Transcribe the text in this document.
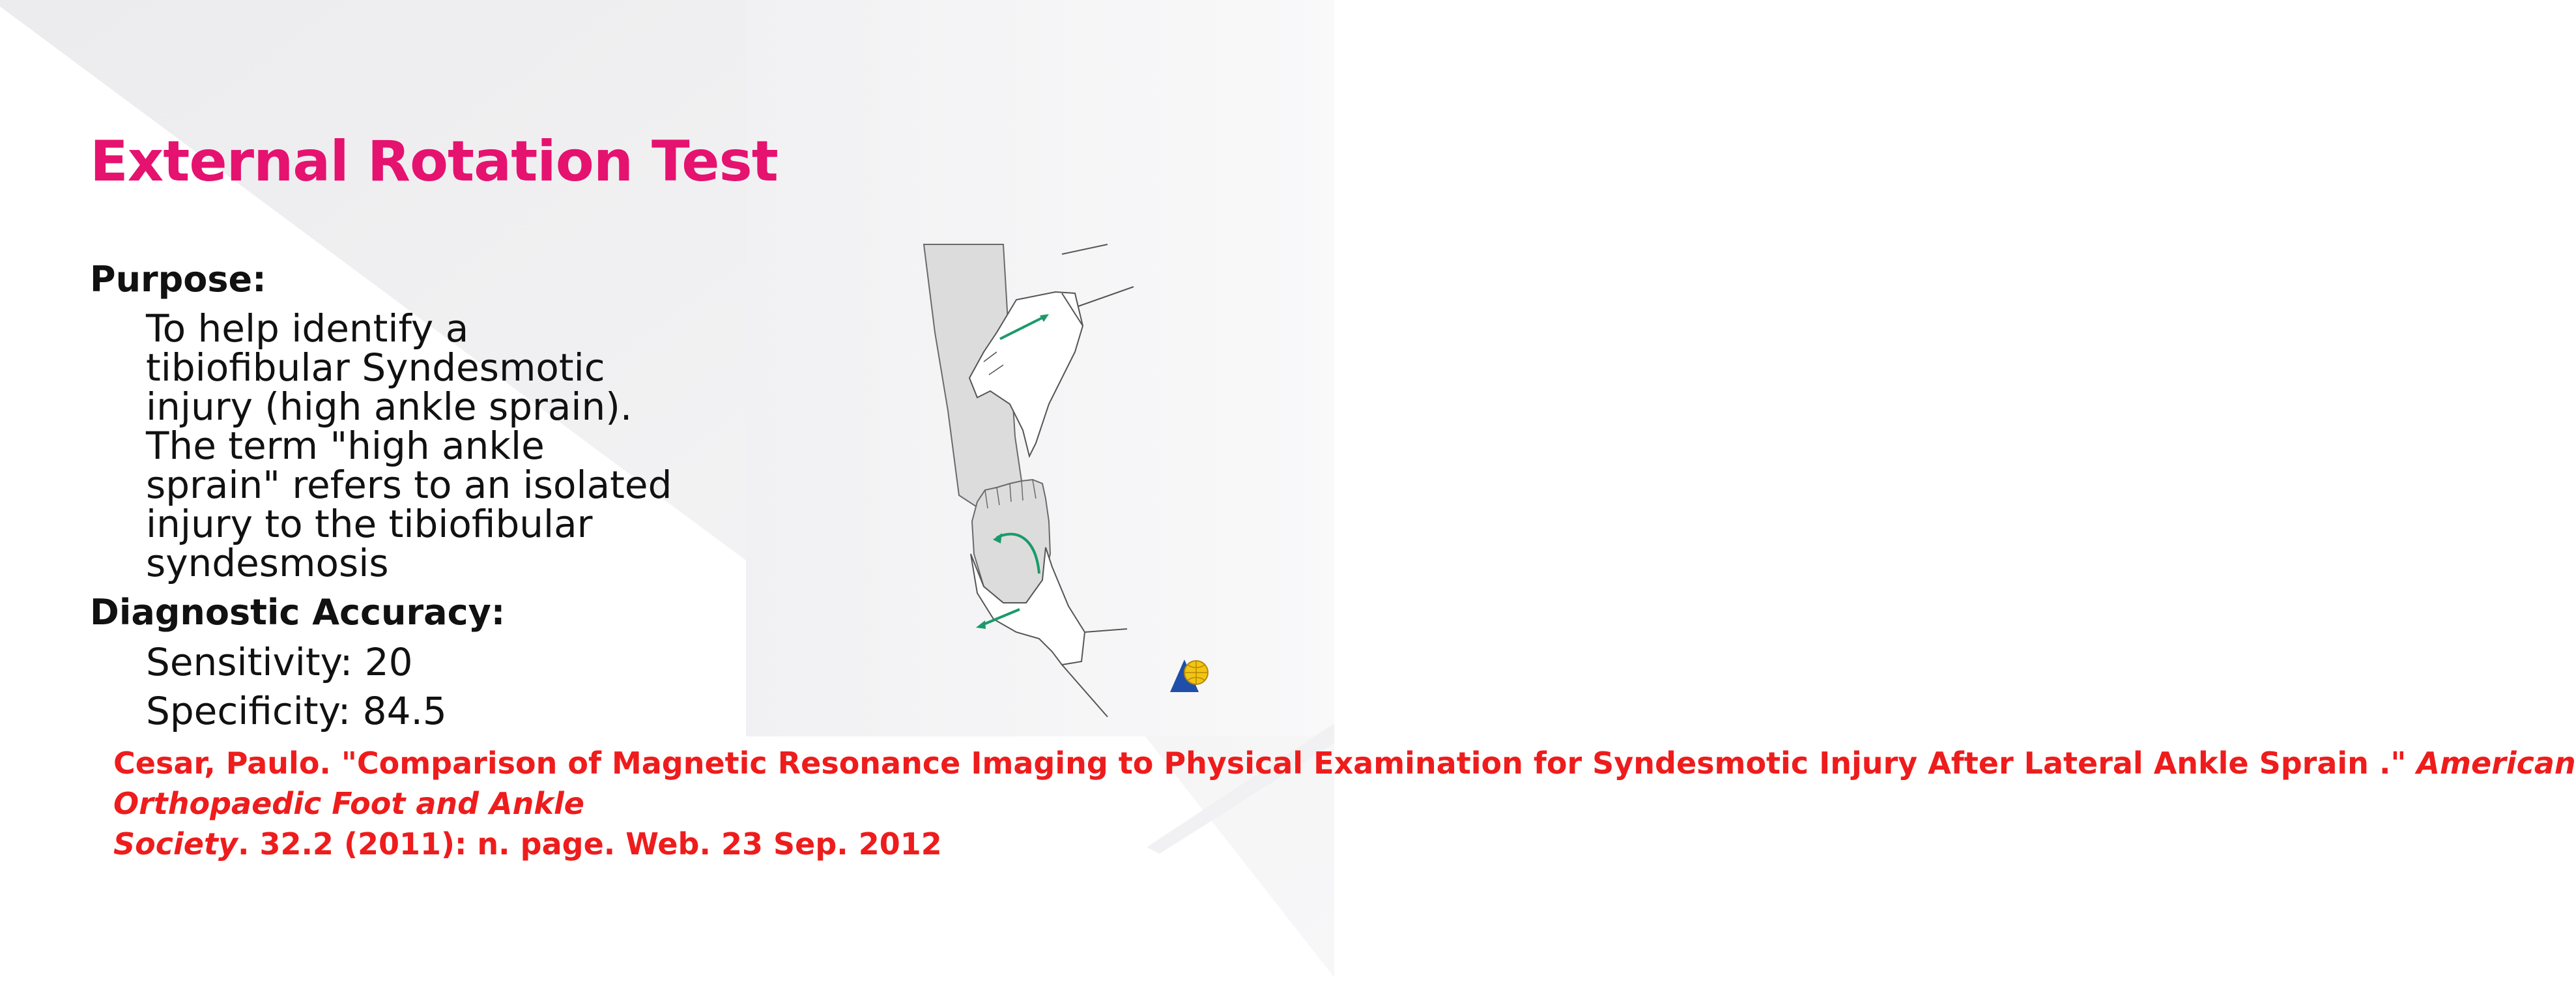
External Rotation Test
Purpose:

To help identify a
tibiofibular Syndesmotic
injury (high ankle sprain).
The term "high ankle
sprain" refers to an isolated
injury to the tibiofibular
syndesmosis

Diagnostic Accuracy:

Sensitivity: 20

Specificity: 84.5

Cesar, Paulo. "Comparison of Magnetic Resonance Imaging to Physical Examination for Syndesmotic Injury After Lateral Ankle Sprain ." American Orthopaedic Foot and Ankle Society. 32.2 (2011): n. page. Web. 23 Sep. 2012
